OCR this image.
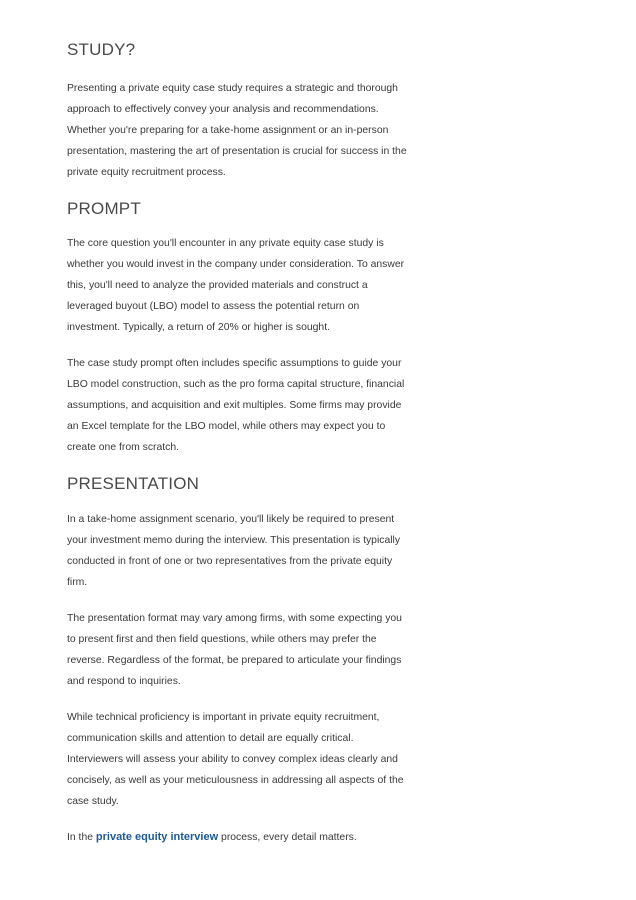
STUDY?

Presenting a private equity case study requires a strategic and thorough approach to effectively convey your analysis and recommendations. Whether you're preparing for a take-home assignment or an in-person presentation, mastering the art of presentation is crucial for success in the private equity recruitment process.

PROMPT

The core question you'll encounter in any private equity case study is whether you would invest in the company under consideration. To answer this, you'll need to analyze the provided materials and construct a leveraged buyout (LBO) model to assess the potential return on investment. Typically, a return of 20% or higher is sought.

The case study prompt often includes specific assumptions to guide your LBO model construction, such as the pro forma capital structure, financial assumptions, and acquisition and exit multiples. Some firms may provide an Excel template for the LBO model, while others may expect you to create one from scratch.

PRESENTATION

In a take-home assignment scenario, you'll likely be required to present your investment memo during the interview. This presentation is typically conducted in front of one or two representatives from the private equity firm.

The presentation format may vary among firms, with some expecting you to present first and then field questions, while others may prefer the reverse. Regardless of the format, be prepared to articulate your findings and respond to inquiries.

While technical proficiency is important in private equity recruitment, communication skills and attention to detail are equally critical. Interviewers will assess your ability to convey complex ideas clearly and concisely, as well as your meticulousness in addressing all aspects of the case study.

In the private equity interview process, every detail matters.
